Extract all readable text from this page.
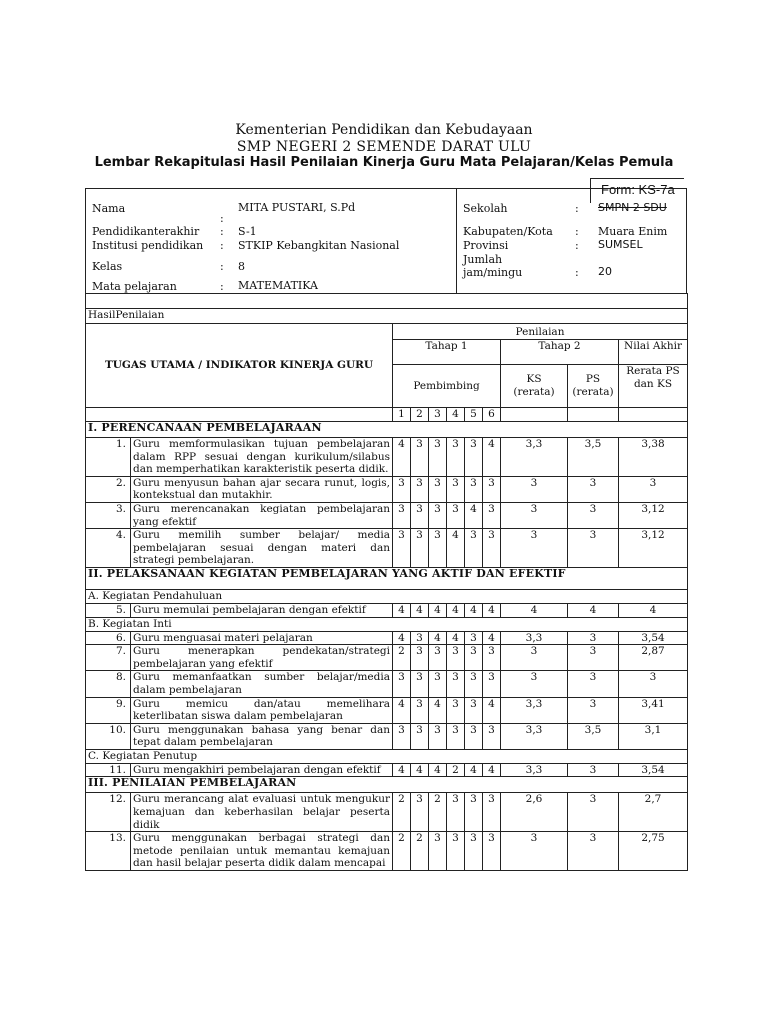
Kementerian Pendidikan dan Kebudayaan
SMP NEGERI 2 SEMENDE DARAT ULU
Lembar Rekapitulasi Hasil Penilaian Kinerja Guru Mata Pelajaran/Kelas Pemula
Nama
:
MITA PUSTARI, S.Pd
Pendidikanterakhir : S-1
Institusi pendidikan : STKIP Kebangkitan Nasional
Kelas	: 8
Mata pelajaran	: MATEMATIKA
Sekolah	: SMPN 2 SDU
Kabupaten/Kota : Muara Enim
Provinsi	: SUMSEL
Jumlah
jam/mingu	: 20
Form: KS-7a

HasilPenilaian										
TUGAS UTAMA / INDIKATOR KINERJA GURU		Penilaian								
		Tahap 1						Tahap 2		Nilai Akhir
		Pembimbing						KS
(rerata)	PS
(rerata)	Rerata PS dan KS
		1	2	3	4	5	6			
I. PERENCANAAN PEMBELAJARAAN										
1.	Guru memformulasikan tujuan pembelajaran dalam RPP sesuai dengan kurikulum/silabus dan memperhatikan karakteristik peserta didik.	4	3	3	3	3	4	3,3	3,5	3,38
2.	Guru menyusun bahan ajar secara runut, logis, kontekstual dan mutakhir.	3	3	3	3	3	3	3	3	3
3.	Guru merencanakan kegiatan pembelajaran yang efektif	3	3	3	3	4	3	3	3	3,12
4.	Guru memilih sumber belajar/ media pembelajaran sesuai dengan materi dan strategi pembelajaran.	3	3	3	4	3	3	3	3	3,12
II. PELAKSANAAN KEGIATAN PEMBELAJARAN YANG AKTIF DAN EFEKTIF										
A. Kegiatan Pendahuluan										
5.	Guru memulai pembelajaran dengan efektif	4	4	4	4	4	4	4	4	4
B. Kegiatan Inti										
6.	Guru menguasai materi pelajaran	4	3	4	4	3	4	3,3	3	3,54
7.	Guru menerapkan pendekatan/strategi pembelajaran yang efektif	2	3	3	3	3	3	3	3	2,87
8.	Guru memanfaatkan sumber belajar/media dalam pembelajaran	3	3	3	3	3	3	3	3	3
9.	Guru memicu dan/atau memelihara keterlibatan siswa dalam pembelajaran	4	3	4	3	3	4	3,3	3	3,41
10.	Guru menggunakan bahasa yang benar dan tepat dalam pembelajaran	3	3	3	3	3	3	3,3	3,5	3,1
C. Kegiatan Penutup										
11.	Guru mengakhiri pembelajaran dengan efektif	4	4	4	2	4	4	3,3	3	3,54
III. PENILAIAN PEMBELAJARAN										
12.	Guru merancang alat evaluasi untuk mengukur kemajuan dan keberhasilan belajar peserta didik	2	3	2	3	3	3	2,6	3	2,7
13.	Guru menggunakan berbagai strategi dan metode penilaian untuk memantau kemajuan dan hasil belajar peserta didik dalam mencapai	2	2	3	3	3	3	3	3	2,75
